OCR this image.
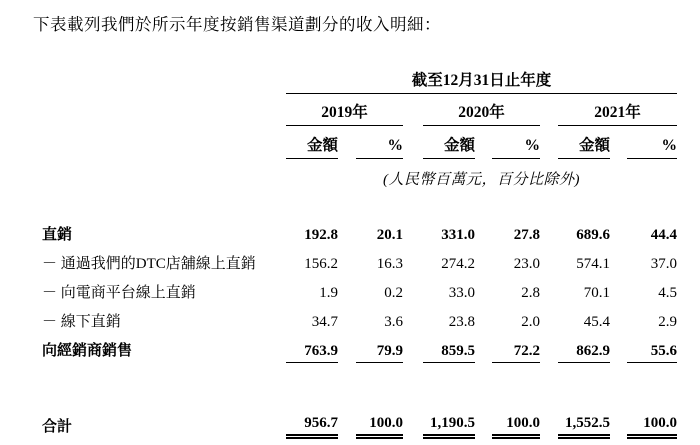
下表載列我們於所示年度按銷售渠道劃分的收入明細：
截至12月31日止年度
2019年	2020年	2021年
金額	%	金額	%	金額	%
(人民幣百萬元，百分比除外)
直銷	192.8	20.1	331.0	27.8	689.6	44.4
－ 通過我們的DTC店舖線上直銷	156.2	16.3	274.2	23.0	574.1	37.0
－ 向電商平台線上直銷	1.9	0.2	33.0	2.8	70.1	4.5
－ 線下直銷	34.7	3.6	23.8	2.0	45.4	2.9
向經銷商銷售	763.9	79.9	859.5	72.2	862.9	55.6
合計	956.7	100.0	1,190.5	100.0	1,552.5	100.0
